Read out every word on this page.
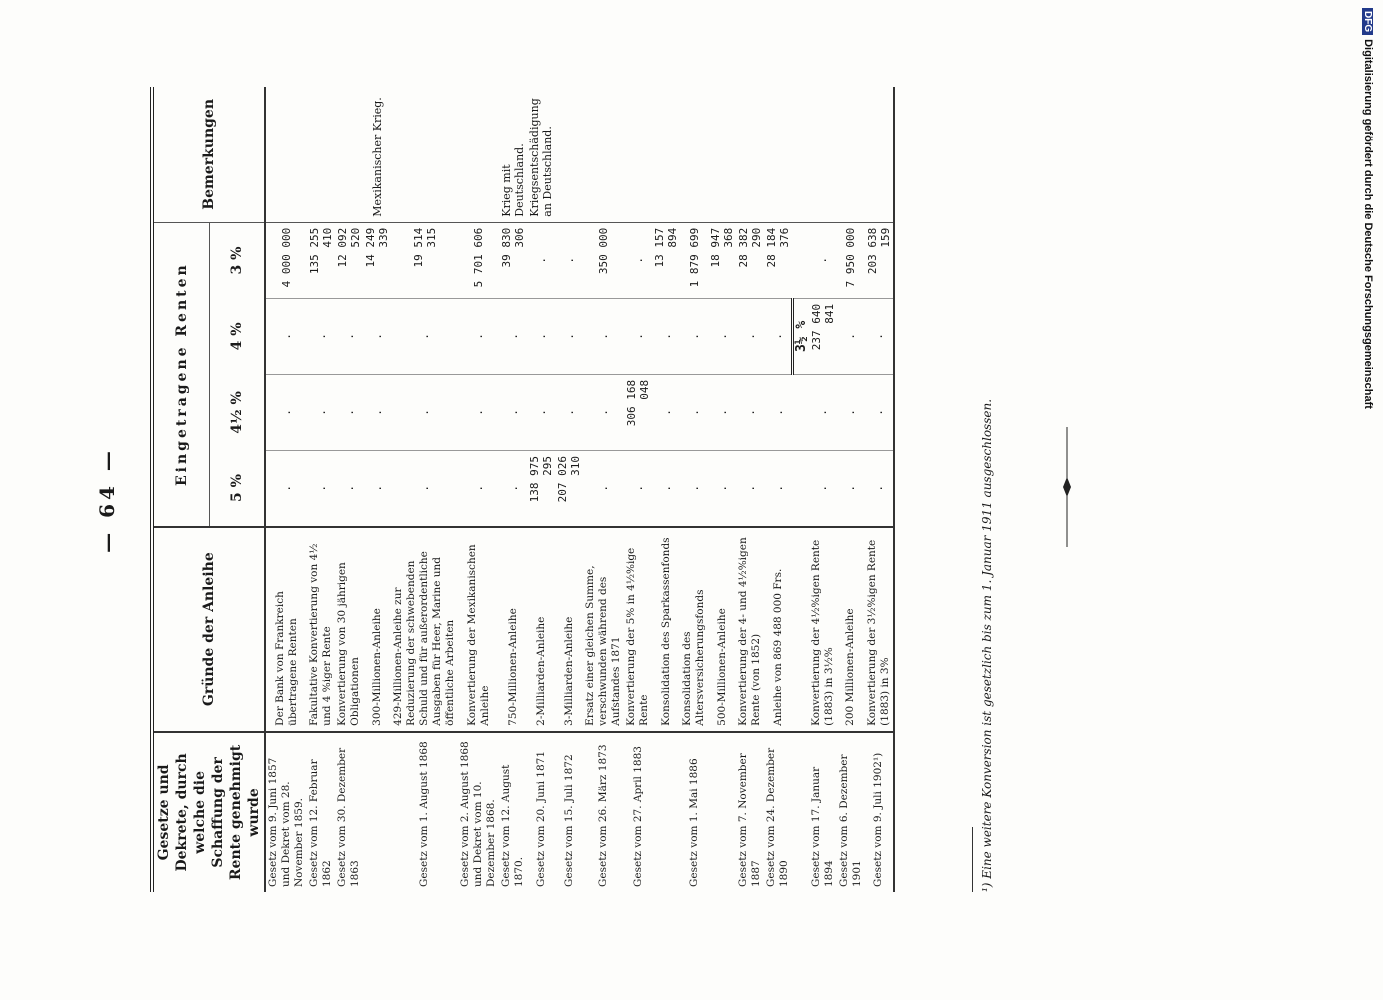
DFGDigitalisierung gefördert durch die Deutsche Forschungsgemeinschaft
— 64 —
Gesetze und Dekrete, durch welche die Schaffung der Rente genehmigt wurde	Gründe der Anleihe	Eingetragene Renten				Bemerkungen
		5 %	4½ %	4 %	3 %	
Gesetz vom 9. Juni 1857 und Dekret vom 28. November 1859.	Der Bank von Frankreich übertragene Renten	.	.	.	4 000 000	
Gesetz vom 12. Februar 1862	Fakultative Konvertierung von 4½ und 4 %iger Rente	.	.	.	135 255 410	
Gesetz vom 30. Dezember 1863	Konvertierung von 30 jährigen Obligationen	.	.	.	12 092 520	
	300-Millionen-Anleihe	.	.	.	14 249 339	Mexikanischer Krieg.
Gesetz vom 1. August 1868	429-Millionen-Anleihe zur Reduzierung der schwebenden Schuld und für außerordentliche Ausgaben für Heer, Marine und öffentliche Arbeiten	.	.	.	19 514 315	
Gesetz vom 2. August 1868 und Dekret vom 10. Dezember 1868.	Konvertierung der Mexikanischen Anleihe	.	.	.	5 701 606	
Gesetz vom 12. August 1870.	750-Millionen-Anleihe	.	.	.	39 830 306	Krieg mit Deutschland.
Gesetz vom 20. Juni 1871	2-Milliarden-Anleihe	138 975 295	.	.	.	Kriegsentschädigung an Deutschland.
Gesetz vom 15. Juli 1872	3-Milliarden-Anleihe	207 026 310	.	.	.	
Gesetz vom 26. März 1873	Ersatz einer gleichen Summe, verschwunden während des Aufstandes 1871	.	.	.	350 000	
Gesetz vom 27. April 1883	Konvertierung der 5% in 4½%ige Rente	.	306 168 048	.	.	
	Konsolidation des Sparkassenfonds	.	.	.	13 157 894	
Gesetz vom 1. Mai 1886	Konsolidation des Altersversicherungsfonds	.	.	.	1 879 699	
	500-Millionen-Anleihe	.	.	.	18 947 368	
Gesetz vom 7. November 1887	Konvertierung der 4- und 4½%igen Rente (von 1852)	.	.	.	28 382 290	
Gesetz vom 24. Dezember 1890	Anleihe von 869 488 000 Frs.	.	.	.	28 184 376	
				3½ %		
Gesetz vom 17. Januar 1894	Konvertierung der 4½%igen Rente (1883) in 3½%	.	.	237 640 841	.	
Gesetz vom 6. Dezember 1901	200 Millionen-Anleihe	.	.	.	7 950 000	
Gesetz vom 9. Juli 1902¹)	Konvertierung der 3½%igen Rente (1883) in 3%	.	.	.	203 638 159	
¹) Eine weitere Konversion ist gesetzlich bis zum 1. Januar 1911 ausgeschlossen.
